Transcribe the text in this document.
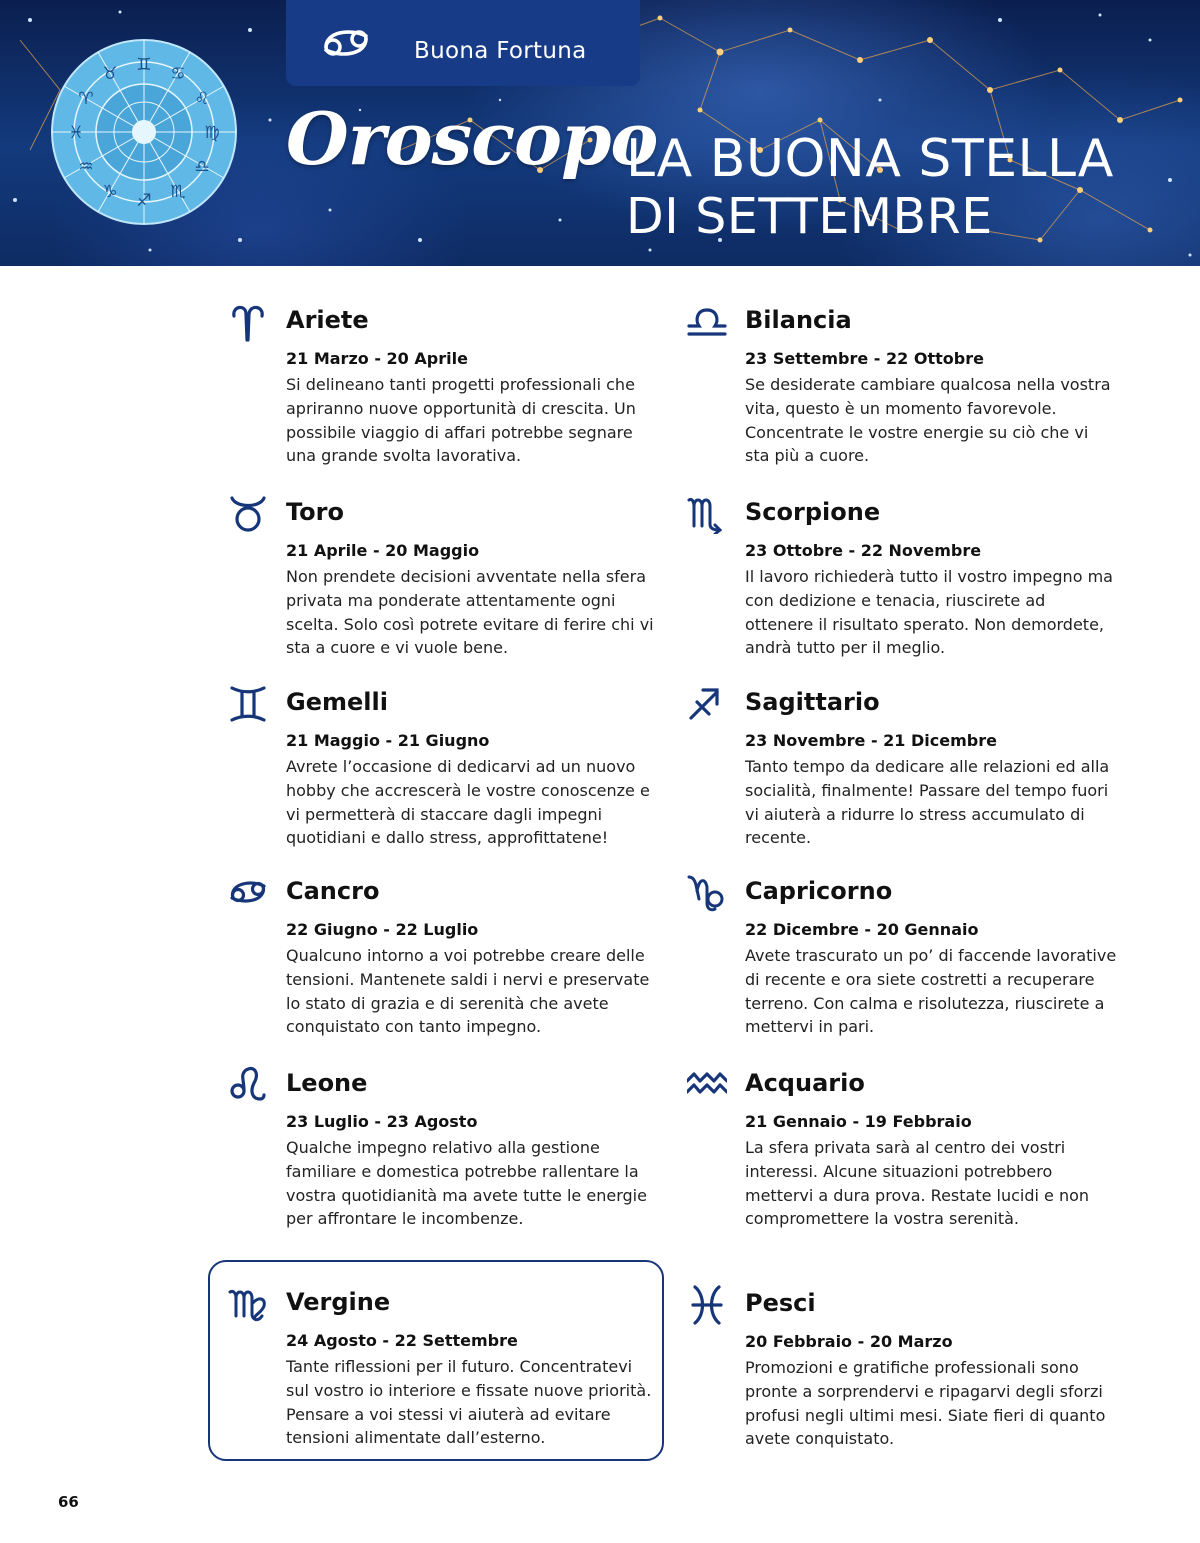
♊ ♋
♌
♍
♎
♏
♐
♑
♒
♓
♈
♉
Buona Fortuna
Oroscopo
LA BUONA STELLA
DI SETTEMBRE
Ariete
21 Marzo - 20 Aprile
Si delineano tanti progetti professionali che apriranno nuove opportunità di crescita. Un possibile viaggio di affari potrebbe segnare una grande svolta lavorativa.
Toro
21 Aprile - 20 Maggio
Non prendete decisioni avventate nella sfera privata ma ponderate attentamente ogni scelta. Solo così potrete evitare di ferire chi vi sta a cuore e vi vuole bene.
Gemelli
21 Maggio - 21 Giugno
Avrete l’occasione di dedicarvi ad un nuovo hobby che accrescerà le vostre conoscenze e vi permetterà di staccare dagli impegni quotidiani e dallo stress, approfittatene!
Cancro
22 Giugno - 22 Luglio
Qualcuno intorno a voi potrebbe creare delle tensioni. Mantenete saldi i nervi e preservate lo stato di grazia e di serenità che avete conquistato con tanto impegno.
Leone
23 Luglio - 23 Agosto
Qualche impegno relativo alla gestione familiare e domestica potrebbe rallentare la vostra quotidianità ma avete tutte le energie per affrontare le incombenze.
Vergine
24 Agosto - 22 Settembre
Tante riflessioni per il futuro. Concentratevi sul vostro io interiore e fissate nuove priorità. Pensare a voi stessi vi aiuterà ad evitare tensioni alimentate dall’esterno.
Bilancia
23 Settembre - 22 Ottobre
Se desiderate cambiare qualcosa nella vostra vita, questo è un momento favorevole. Concentrate le vostre energie su ciò che vi sta più a cuore.
Scorpione
23 Ottobre - 22 Novembre
Il lavoro richiederà tutto il vostro impegno ma con dedizione e tenacia, riuscirete ad ottenere il risultato sperato. Non demordete, andrà tutto per il meglio.
Sagittario
23 Novembre - 21 Dicembre
Tanto tempo da dedicare alle relazioni ed alla socialità, finalmente! Passare del tempo fuori vi aiuterà a ridurre lo stress accumulato di recente.
Capricorno
22 Dicembre - 20 Gennaio
Avete trascurato un po’ di faccende lavorative di recente e ora siete costretti a recuperare terreno. Con calma e risolutezza, riuscirete a mettervi in pari.
Acquario
21 Gennaio - 19 Febbraio
La sfera privata sarà al centro dei vostri interessi. Alcune situazioni potrebbero mettervi a dura prova. Restate lucidi e non compromettere la vostra serenità.
Pesci
20 Febbraio - 20 Marzo
Promozioni e gratifiche professionali sono pronte a sorprendervi e ripagarvi degli sforzi profusi negli ultimi mesi. Siate fieri di quanto avete conquistato.
66
